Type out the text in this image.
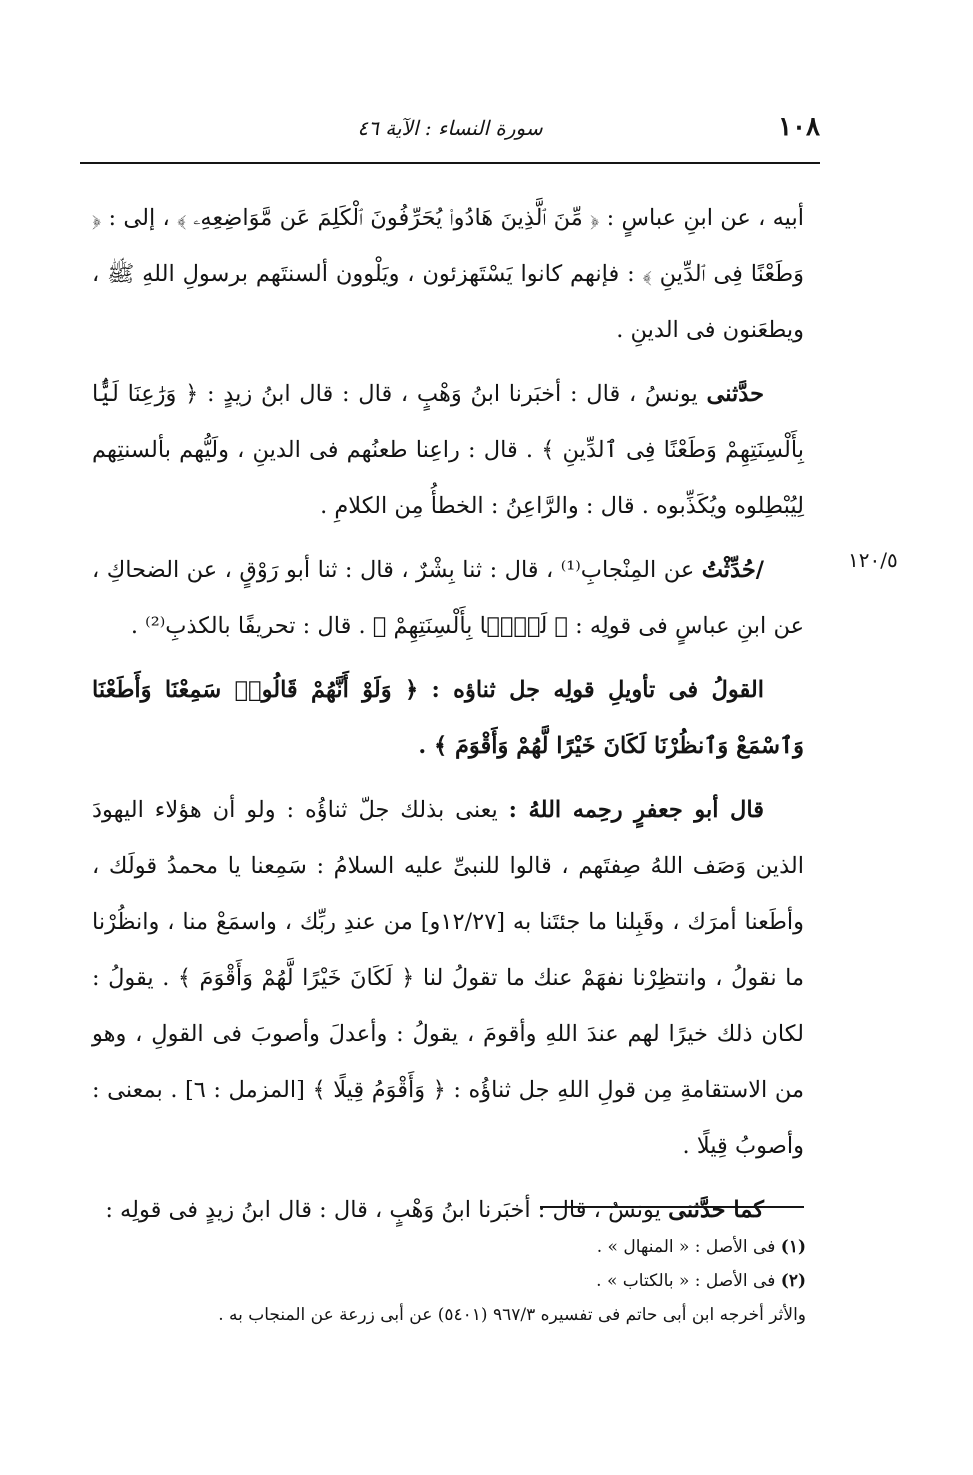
١٠٨
سورة النساء : الآية ٤٦
١٢٠/٥

أبيه ، عن ابنِ عباسٍ : ﴿ مِّنَ ٱلَّذِينَ هَادُوا۟ يُحَرِّفُونَ ٱلْكَلِمَ عَن مَّوَاضِعِهِۦ ﴾ ، إلى : ﴿ وَطَعْنًا فِى ٱلدِّينِ ﴾ : فإنهم كانوا يَسْتَهزئون ، ويَلْوون ألسنتَهم برسولِ اللهِ ﷺ ، ويطعَنون فى الدينِ .

حدَّثنى يونسُ ، قال : أخبَرنا ابنُ وَهْبٍ ، قال : قال ابنُ زيدٍ : ﴿ وَرَٰعِنَا لَيًّۢا بِأَلْسِنَتِهِمْ وَطَعْنًا فِى ٱلدِّينِ ﴾ . قال : راعِنا طعنُهم فى الدينِ ، ولَيُّهم بألسنتِهم لِيُبْطِلوه ويُكَذِّبوه . قال : والرَّاعِنُ : الخطأُ مِن الكلامِ .

/حُدِّثْتُ عن المِنْجابِ⁽¹⁾ ، قال : ثنا بِشْرٌ ، قال : ثنا أبو رَوْقٍ ، عن الضحاكِ ، عن ابنِ عباسٍ فى قولِه : ﴿ لَيًّۢا بِأَلْسِنَتِهِمْ ﴾ . قال : تحريفًا بالكذبِ⁽²⁾ .

القولُ فى تأويلِ قولِه جل ثناؤه : ﴿ وَلَوْ أَنَّهُمْ قَالُوا۟ سَمِعْنَا وَأَطَعْنَا وَٱسْمَعْ وَٱنظُرْنَا لَكَانَ خَيْرًا لَّهُمْ وَأَقْوَمَ ﴾ .

قال أبو جعفرٍ رحِمه اللهُ : يعنى بذلك جلّ ثناؤُه : ولو أن هؤلاء اليهودَ الذين وَصَف اللهُ صِفتَهم ، قالوا للنبىِّ عليه السلامُ : سَمِعنا يا محمدُ قولَك ، وأطَعنا أمرَك ، وقَبِلنا ما جئتَنا به [١٢/٢٧و] من عندِ ربِّك ، واسمَعْ منا ، وانظُرْنا ما نقولُ ، وانتظِرْنا نفهَمْ عنك ما تقولُ لنا ﴿ لَكَانَ خَيْرًا لَّهُمْ وَأَقْوَمَ ﴾ . يقولُ : لكان ذلك خيرًا لهم عندَ اللهِ وأقومَ ، يقولُ : وأعدلَ وأصوبَ فى القولِ ، وهو من الاستقامةِ مِن قولِ اللهِ جل ثناؤُه : ﴿ وَأَقْوَمُ قِيلًا ﴾ [المزمل : ٦] . بمعنى : وأصوبُ قِيلًا .

كما حدَّثنى يونسُ ، قال : أخبَرنا ابنُ وَهْبٍ ، قال : قال ابنُ زيدٍ فى قولِه :

(١) فى الأصل : « المنهال » .

(٢) فى الأصل : « بالكتاب » .

والأثر أخرجه ابن أبى حاتم فى تفسيره ٩٦٧/٣ (٥٤٠١) عن أبى زرعة عن المنجاب به .
